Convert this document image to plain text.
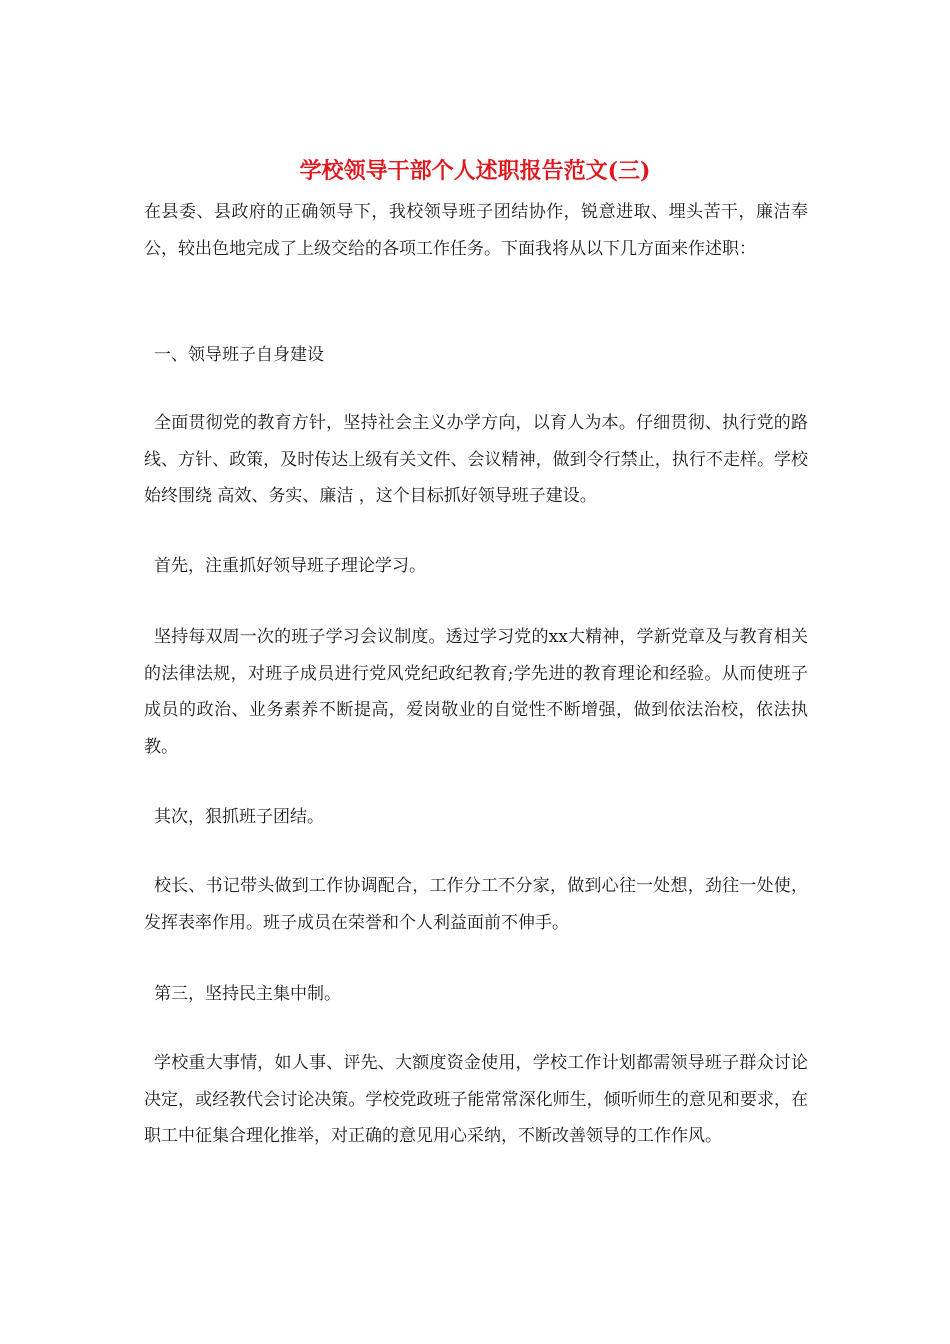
学校领导干部个人述职报告范文(三)

在县委、县政府的正确领导下，我校领导班子团结协作，锐意进取、埋头苦干，廉洁奉公，较出色地完成了上级交给的各项工作任务。下面我将从以下几方面来作述职：

一、领导班子自身建设

全面贯彻党的教育方针，坚持社会主义办学方向，以育人为本。仔细贯彻、执行党的路线、方针、政策，及时传达上级有关文件、会议精神，做到令行禁止，执行不走样。学校始终围绕 高效、务实、廉洁 ，这个目标抓好领导班子建设。

首先，注重抓好领导班子理论学习。

坚持每双周一次的班子学习会议制度。透过学习党的xx大精神，学新党章及与教育相关的法律法规，对班子成员进行党风党纪政纪教育;学先进的教育理论和经验。从而使班子成员的政治、业务素养不断提高，爱岗敬业的自觉性不断增强，做到依法治校，依法执教。

其次，狠抓班子团结。

校长、书记带头做到工作协调配合，工作分工不分家，做到心往一处想，劲往一处使，发挥表率作用。班子成员在荣誉和个人利益面前不伸手。

第三，坚持民主集中制。

学校重大事情，如人事、评先、大额度资金使用，学校工作计划都需领导班子群众讨论决定，或经教代会讨论决策。学校党政班子能常常深化师生，倾听师生的意见和要求，在职工中征集合理化推举，对正确的意见用心采纳，不断改善领导的工作作风。
